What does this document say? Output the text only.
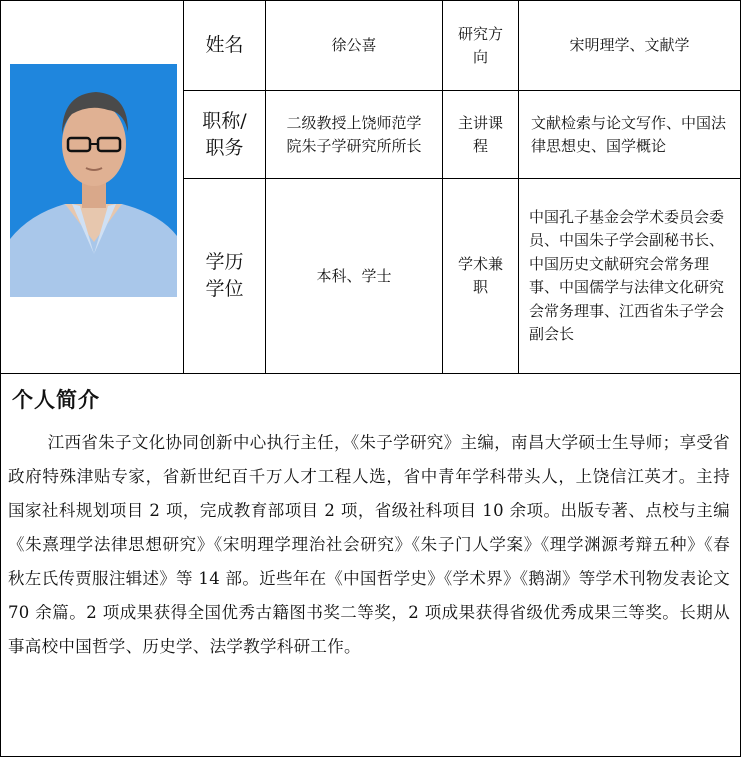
姓名	徐公喜
研究方向
宋明理学、文献学
职称/职务
二级教授上饶师范学院朱子学研究所所长
主讲课程
文献检索与论文写作、中国法律思想史、国学概论
学历学位
本科、学士
学术兼职
中国孔子基金会学术委员会委员、中国朱子学会副秘书长、中国历史文献研究会常务理事、中国儒学与法律文化研究会常务理事、江西省朱子学会副会长
个人简介
江西省朱子文化协同创新中心执行主任，《朱子学研究》主编，南昌大学硕士生导师；享受省政府特殊津贴专家，省新世纪百千万人才工程人选，省中青年学科带头人，上饶信江英才。主持国家社科规划项目 2 项，完成教育部项目 2 项，省级社科项目 10 余项。出版专著、点校与主编《朱熹理学法律思想研究》《宋明理学理治社会研究》《朱子门人学案》《理学渊源考辩五种》《春秋左氏传贾服注辑述》等 14 部。近些年在《中国哲学史》《学术界》《鹅湖》等学术刊物发表论文 70 余篇。2 项成果获得全国优秀古籍图书奖二等奖，2 项成果获得省级优秀成果三等奖。长期从事高校中国哲学、历史学、法学教学科研工作。
